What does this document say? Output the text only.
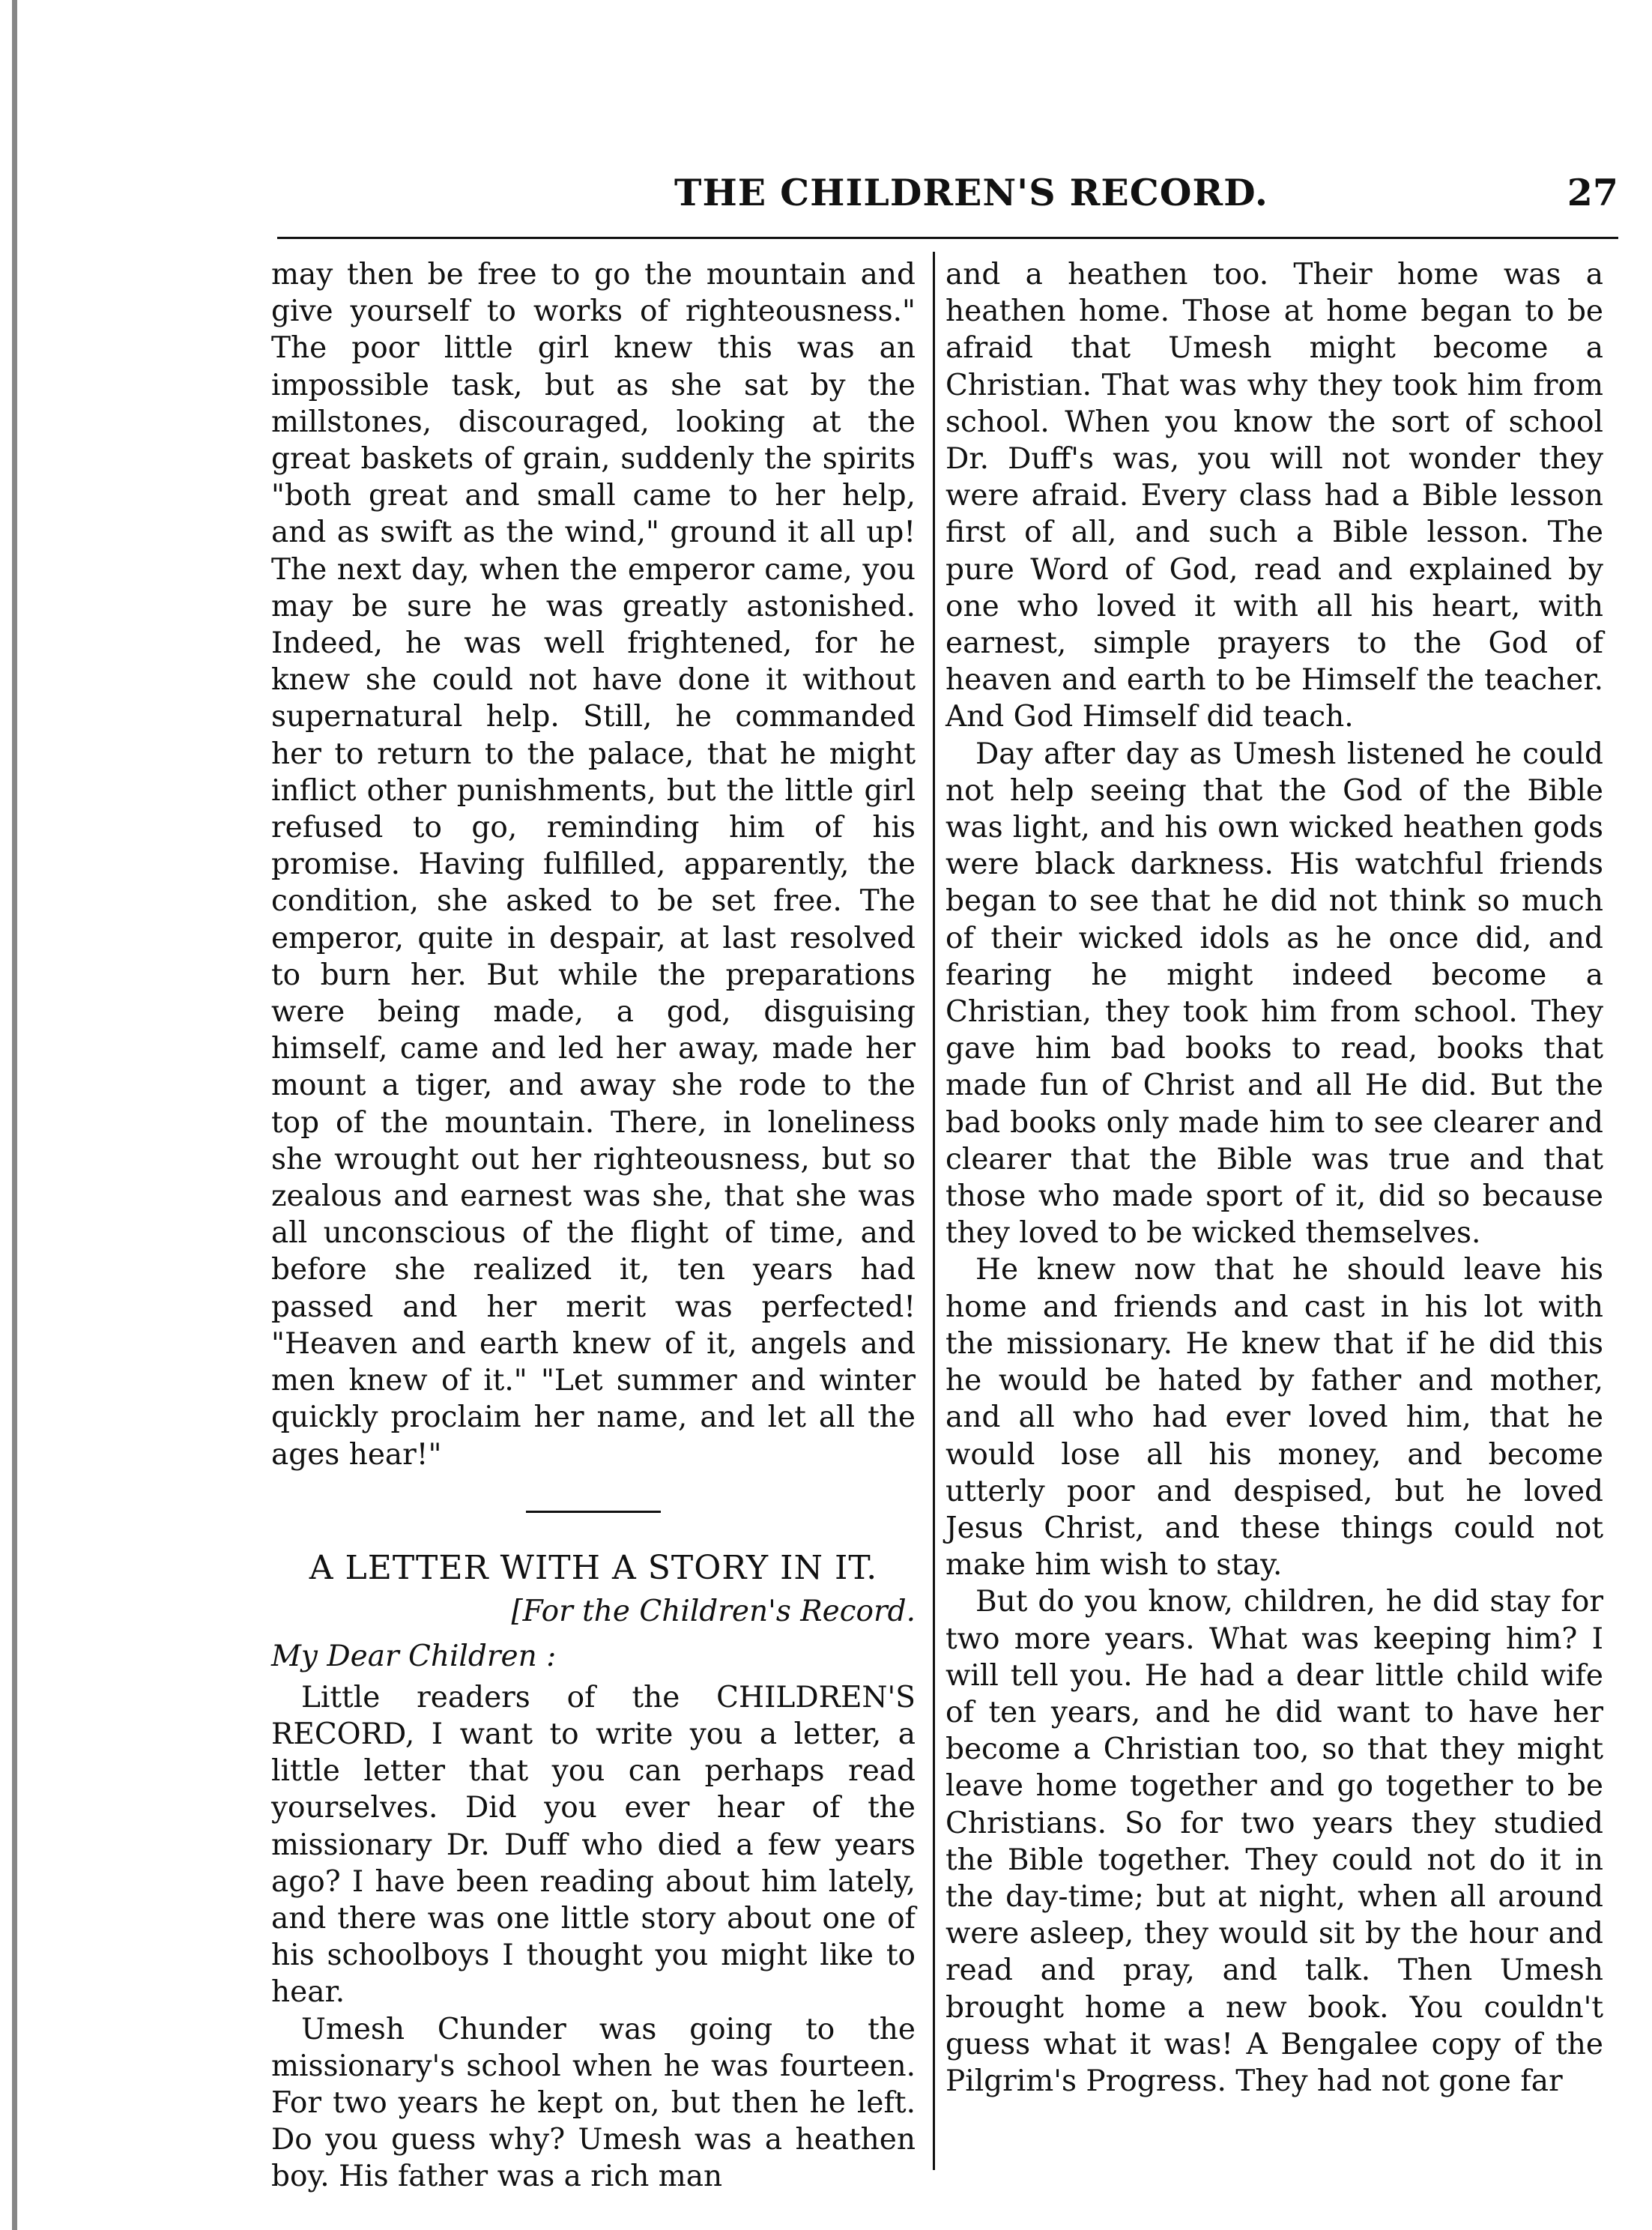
THE CHILDREN'S RECORD.	27

may then be free to go the mountain and give yourself to works of righteousness." The poor little girl knew this was an impossible task, but as she sat by the millstones, discouraged, looking at the great baskets of grain, suddenly the spirits "both great and small came to her help, and as swift as the wind," ground it all up! The next day, when the emperor came, you may be sure he was greatly astonished. Indeed, he was well frightened, for he knew she could not have done it without supernatural help. Still, he commanded her to return to the palace, that he might inflict other punishments, but the little girl refused to go, reminding him of his promise. Having fulfilled, apparently, the condition, she asked to be set free. The emperor, quite in despair, at last resolved to burn her. But while the preparations were being made, a god, disguising himself, came and led her away, made her mount a tiger, and away she rode to the top of the mountain. There, in loneliness she wrought out her righteousness, but so zealous and earnest was she, that she was all unconscious of the flight of time, and before she realized it, ten years had passed and her merit was perfected! "Heaven and earth knew of it, angels and men knew of it." "Let summer and winter quickly proclaim her name, and let all the ages hear!"

A LETTER WITH A STORY IN IT.

[For the Children's Record.

My Dear Children :

Little readers of the CHILDREN'S RECORD, I want to write you a letter, a little letter that you can perhaps read yourselves. Did you ever hear of the missionary Dr. Duff who died a few years ago? I have been reading about him lately, and there was one little story about one of his schoolboys I thought you might like to hear.

Umesh Chunder was going to the missionary's school when he was fourteen. For two years he kept on, but then he left. Do you guess why? Umesh was a heathen boy. His father was a rich man

and a heathen too. Their home was a heathen home. Those at home began to be afraid that Umesh might become a Christian. That was why they took him from school. When you know the sort of school Dr. Duff's was, you will not wonder they were afraid. Every class had a Bible lesson first of all, and such a Bible lesson. The pure Word of God, read and explained by one who loved it with all his heart, with earnest, simple prayers to the God of heaven and earth to be Himself the teacher. And God Himself did teach.

Day after day as Umesh listened he could not help seeing that the God of the Bible was light, and his own wicked heathen gods were black darkness. His watchful friends began to see that he did not think so much of their wicked idols as he once did, and fearing he might indeed become a Christian, they took him from school. They gave him bad books to read, books that made fun of Christ and all He did. But the bad books only made him to see clearer and clearer that the Bible was true and that those who made sport of it, did so because they loved to be wicked themselves.

He knew now that he should leave his home and friends and cast in his lot with the missionary. He knew that if he did this he would be hated by father and mother, and all who had ever loved him, that he would lose all his money, and become utterly poor and despised, but he loved Jesus Christ, and these things could not make him wish to stay.

But do you know, children, he did stay for two more years. What was keeping him? I will tell you. He had a dear little child wife of ten years, and he did want to have her become a Christian too, so that they might leave home together and go together to be Christians. So for two years they studied the Bible together. They could not do it in the day-time; but at night, when all around were asleep, they would sit by the hour and read and pray, and talk. Then Umesh brought home a new book. You couldn't guess what it was! A Bengalee copy of the Pilgrim's Progress. They had not gone far
